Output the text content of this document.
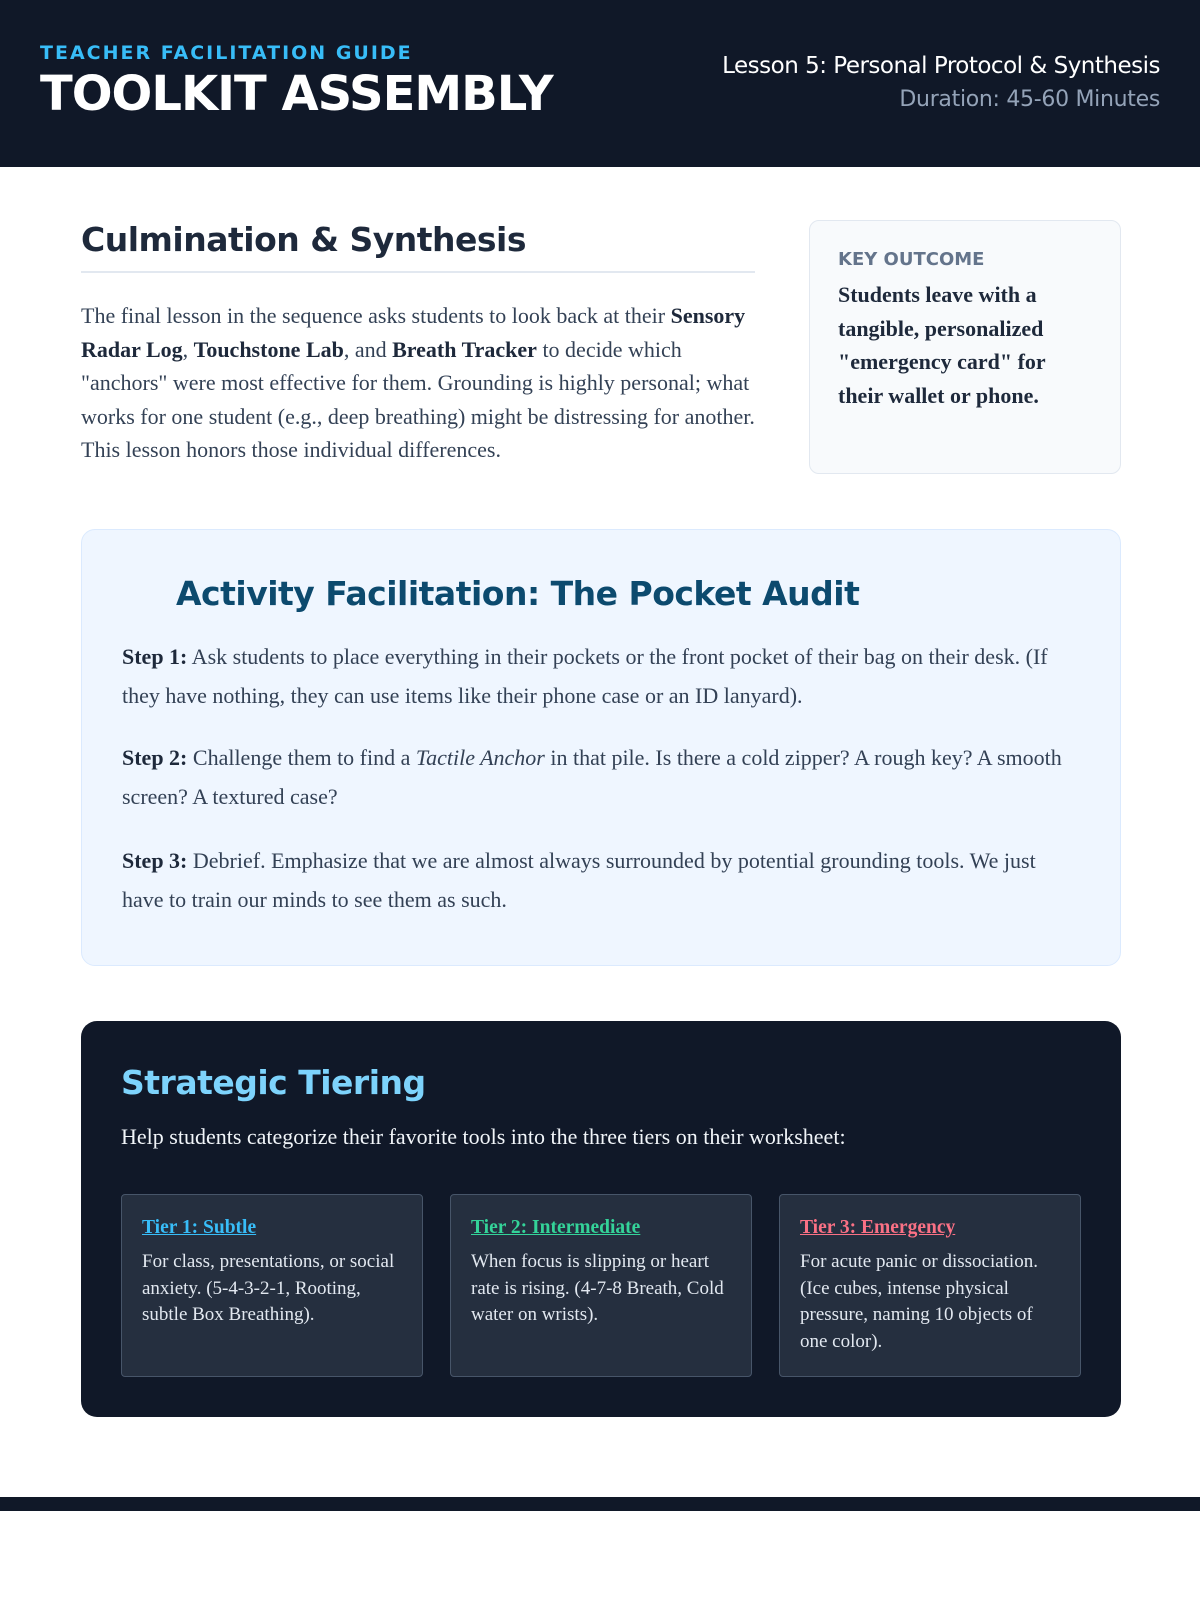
TEACHER FACILITATION GUIDE
TOOLKIT ASSEMBLY	Lesson 5: Personal Protocol & Synthesis
Duration: 45-60 Minutes
Culmination & Synthesis

The final lesson in the sequence asks students to look back at their Sensory Radar Log, Touchstone Lab, and Breath Tracker to decide which "anchors" were most effective for them. Grounding is highly personal; what works for one student (e.g., deep breathing) might be distressing for another. This lesson honors those individual differences.

KEY OUTCOME
Students leave with a tangible, personalized "emergency card" for their wallet or phone.
Activity Facilitation: The Pocket Audit

Step 1: Ask students to place everything in their pockets or the front pocket of their bag on their desk. (If they have nothing, they can use items like their phone case or an ID lanyard).

Step 2: Challenge them to find a Tactile Anchor in that pile. Is there a cold zipper? A rough key? A smooth screen? A textured case?

Step 3: Debrief. Emphasize that we are almost always surrounded by potential grounding tools. We just have to train our minds to see them as such.

Strategic Tiering
Help students categorize their favorite tools into the three tiers on their worksheet:
Tier 1: Subtle
For class, presentations, or social anxiety. (5-4-3-2-1, Rooting, subtle Box Breathing).
Tier 2: Intermediate
When focus is slipping or heart rate is rising. (4-7-8 Breath, Cold water on wrists).
Tier 3: Emergency
For acute panic or dissociation. (Ice cubes, intense physical pressure, naming 10 objects of one color).
